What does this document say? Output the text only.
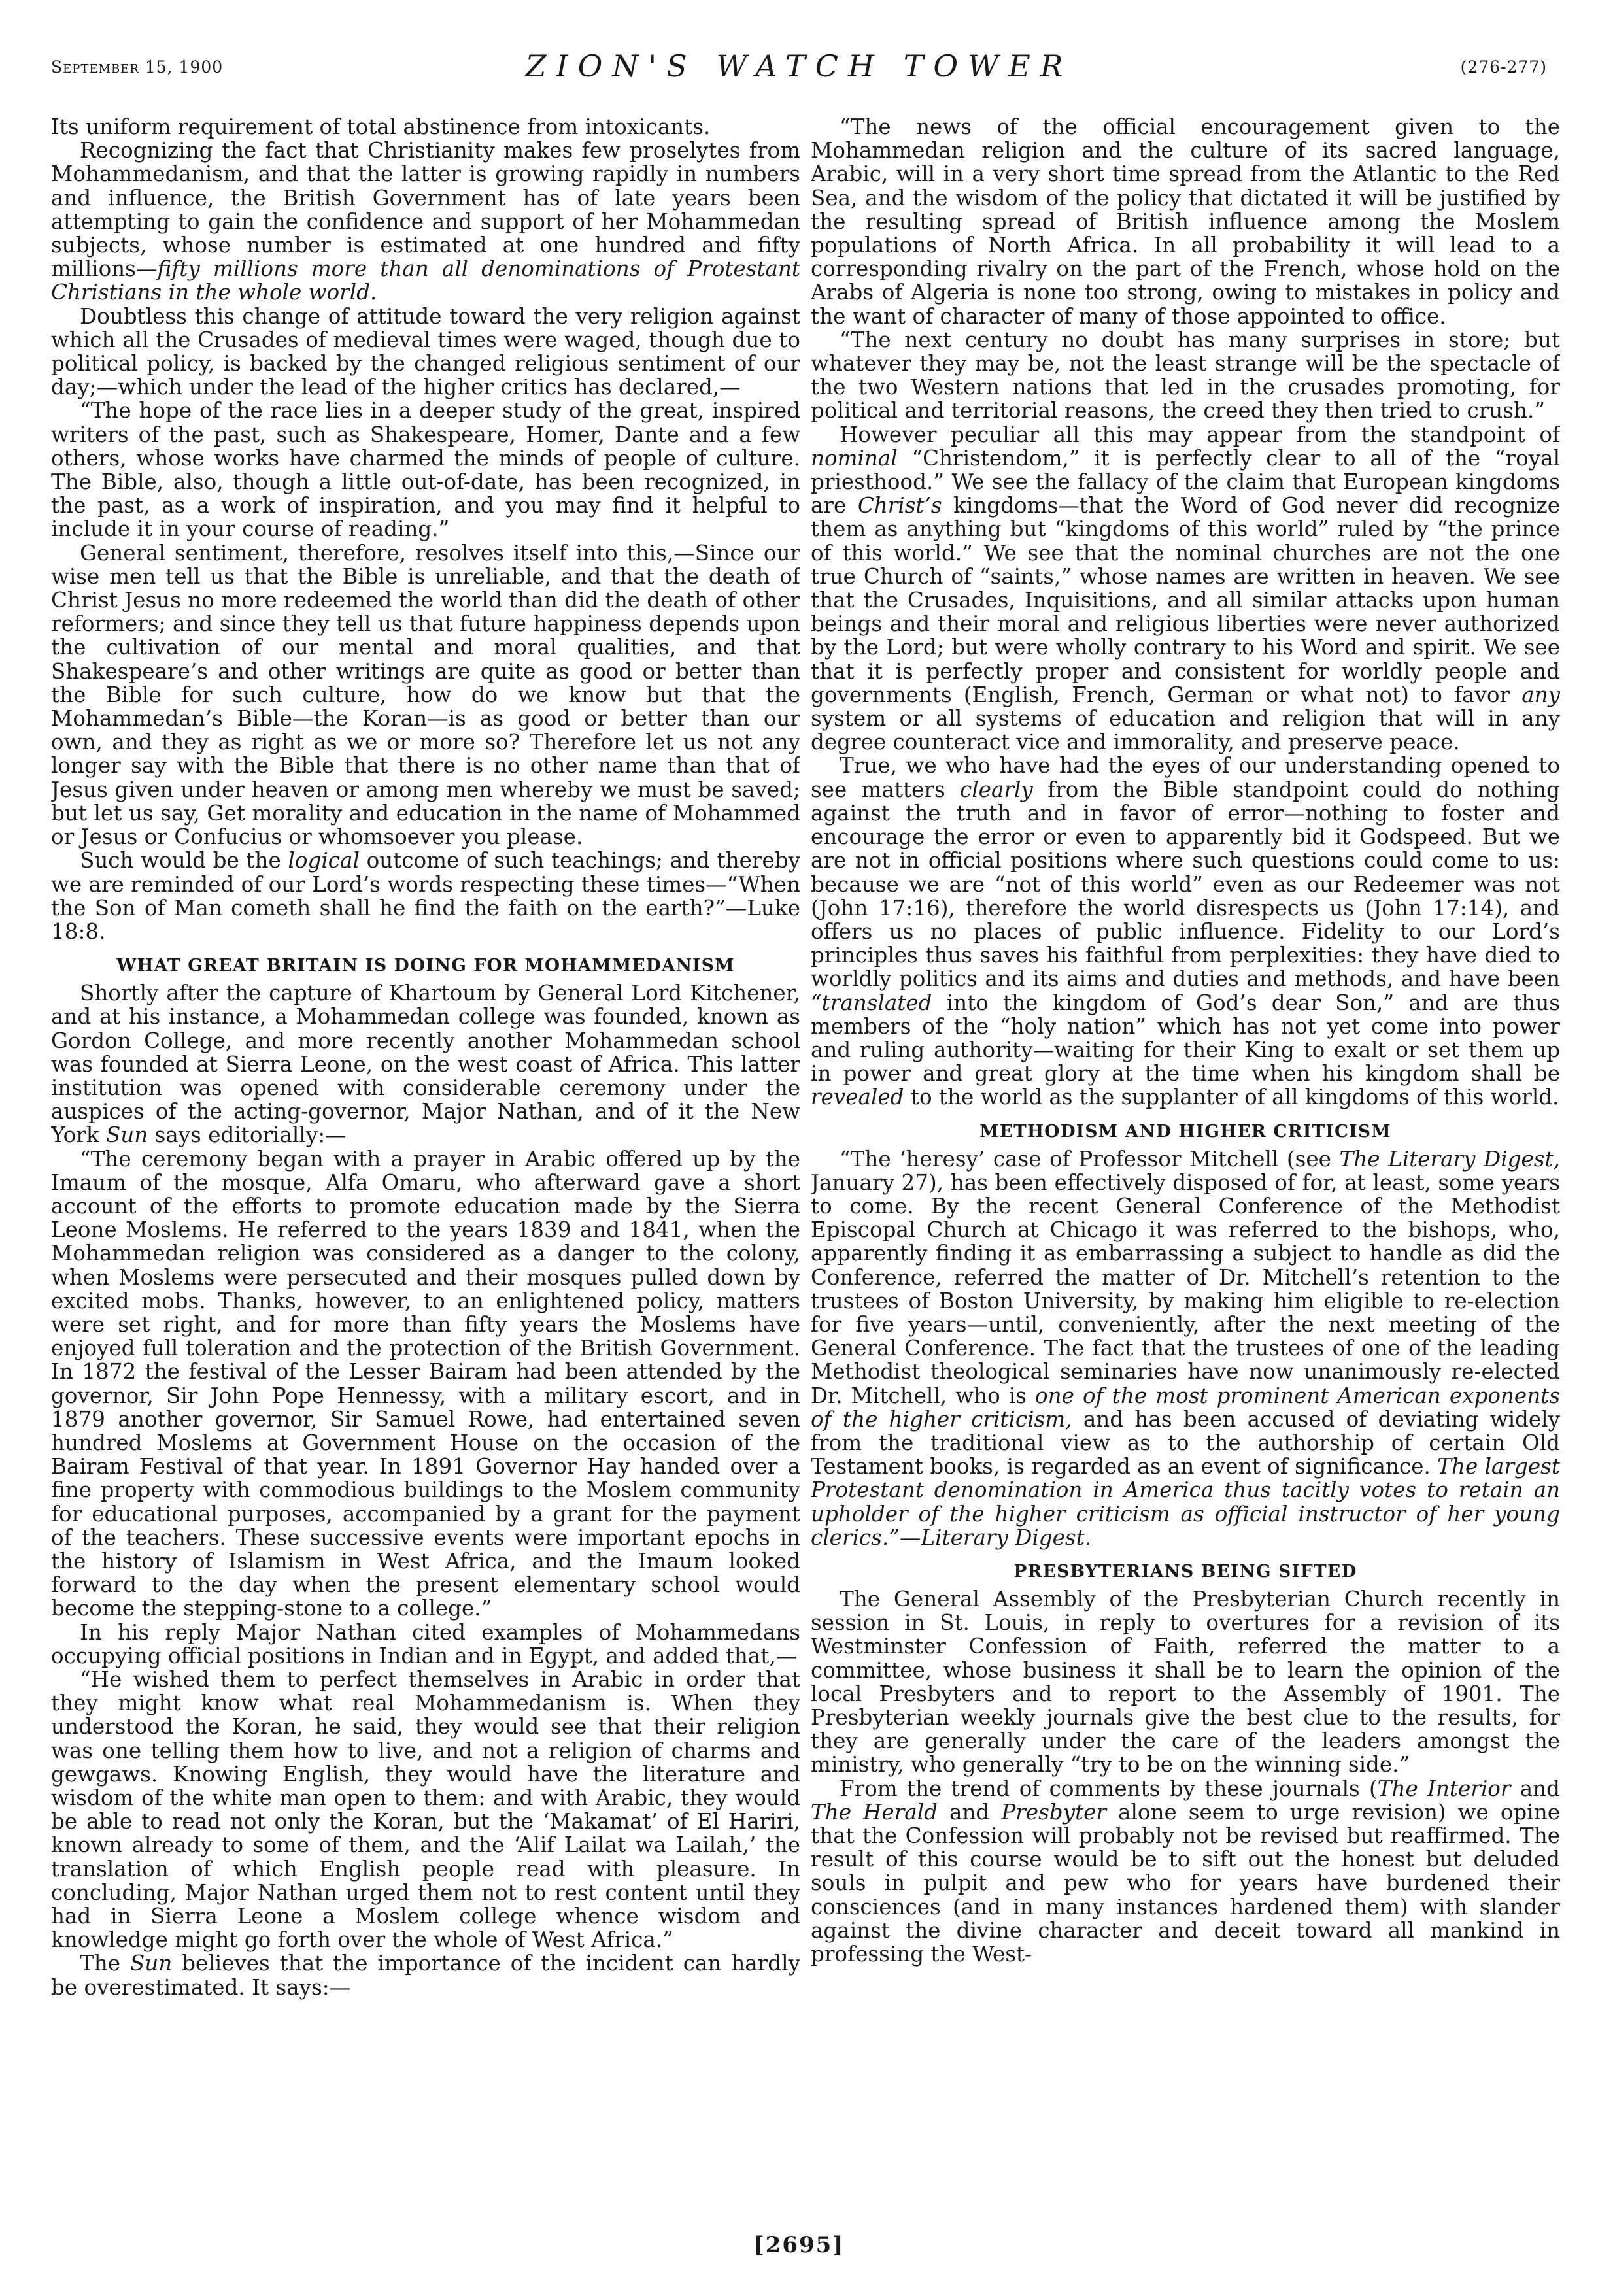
September 15, 1900	ZION'S WATCH TOWER	(276-277)

Its uniform requirement of total abstinence from intoxicants.

Recognizing the fact that Christianity makes few proselytes from Mohammedanism, and that the latter is growing rapidly in numbers and influence, the British Government has of late years been attempting to gain the confidence and support of her Mohammedan subjects, whose number is estimated at one hundred and fifty millions—fifty millions more than all denominations of Protestant Christians in the whole world.

Doubtless this change of attitude toward the very religion against which all the Crusades of medieval times were waged, though due to political policy, is backed by the changed religious sentiment of our day;—which under the lead of the higher critics has declared,—

“The hope of the race lies in a deeper study of the great, inspired writers of the past, such as Shakespeare, Homer, Dante and a few others, whose works have charmed the minds of people of culture. The Bible, also, though a little out-of-date, has been recognized, in the past, as a work of inspiration, and you may find it helpful to include it in your course of reading.”

General sentiment, therefore, resolves itself into this,—Since our wise men tell us that the Bible is unreliable, and that the death of Christ Jesus no more redeemed the world than did the death of other reformers; and since they tell us that future happiness depends upon the cultivation of our mental and moral qualities, and that Shakespeare’s and other writings are quite as good or better than the Bible for such culture, how do we know but that the Mohammedan’s Bible—the Koran—is as good or better than our own, and they as right as we or more so? Therefore let us not any longer say with the Bible that there is no other name than that of Jesus given under heaven or among men whereby we must be saved; but let us say, Get morality and education in the name of Mohammed or Jesus or Confucius or whomsoever you please.

Such would be the logical outcome of such teachings; and thereby we are reminded of our Lord’s words respecting these times—“When the Son of Man cometh shall he find the faith on the earth?”—Luke 18:8.

WHAT GREAT BRITAIN IS DOING FOR MOHAMMEDANISM

Shortly after the capture of Khartoum by General Lord Kitchener, and at his instance, a Mohammedan college was founded, known as Gordon College, and more recently another Mohammedan school was founded at Sierra Leone, on the west coast of Africa. This latter institution was opened with considerable ceremony under the auspices of the acting-governor, Major Nathan, and of it the New York Sun says editorially:—

“The ceremony began with a prayer in Arabic offered up by the Imaum of the mosque, Alfa Omaru, who afterward gave a short account of the efforts to promote education made by the Sierra Leone Moslems. He referred to the years 1839 and 1841, when the Mohammedan religion was considered as a danger to the colony, when Moslems were persecuted and their mosques pulled down by excited mobs. Thanks, however, to an enlightened policy, matters were set right, and for more than fifty years the Moslems have enjoyed full toleration and the protection of the British Government. In 1872 the festival of the Lesser Bairam had been attended by the governor, Sir John Pope Hennessy, with a military escort, and in 1879 another governor, Sir Samuel Rowe, had entertained seven hundred Moslems at Government House on the occasion of the Bairam Festival of that year. In 1891 Governor Hay handed over a fine property with commodious buildings to the Moslem community for educational purposes, accompanied by a grant for the payment of the teachers. These successive events were important epochs in the history of Islamism in West Africa, and the Imaum looked forward to the day when the present elementary school would become the stepping-stone to a college.”

In his reply Major Nathan cited examples of Mohammedans occupying official positions in Indian and in Egypt, and added that,—

“He wished them to perfect themselves in Arabic in order that they might know what real Mohammedanism is. When they understood the Koran, he said, they would see that their religion was one telling them how to live, and not a religion of charms and gewgaws. Knowing English, they would have the literature and wisdom of the white man open to them: and with Arabic, they would be able to read not only the Koran, but the ‘Makamat’ of El Hariri, known already to some of them, and the ‘Alif Lailat wa Lailah,’ the translation of which English people read with pleasure. In concluding, Major Nathan urged them not to rest content until they had in Sierra Leone a Moslem college whence wisdom and knowledge might go forth over the whole of West Africa.”

The Sun believes that the importance of the incident can hardly be overestimated. It says:—

“The news of the official encouragement given to the Mohammedan religion and the culture of its sacred language, Arabic, will in a very short time spread from the Atlantic to the Red Sea, and the wisdom of the policy that dictated it will be justified by the resulting spread of British influence among the Moslem populations of North Africa. In all probability it will lead to a corresponding rivalry on the part of the French, whose hold on the Arabs of Algeria is none too strong, owing to mistakes in policy and the want of character of many of those appointed to office.

“The next century no doubt has many surprises in store; but whatever they may be, not the least strange will be the spectacle of the two Western nations that led in the crusades promoting, for political and territorial reasons, the creed they then tried to crush.”

However peculiar all this may appear from the standpoint of nominal “Christendom,” it is perfectly clear to all of the “royal priesthood.” We see the fallacy of the claim that European kingdoms are Christ’s kingdoms—that the Word of God never did recognize them as anything but “kingdoms of this world” ruled by “the prince of this world.” We see that the nominal churches are not the one true Church of “saints,” whose names are written in heaven. We see that the Crusades, Inquisitions, and all similar attacks upon human beings and their moral and religious liberties were never authorized by the Lord; but were wholly contrary to his Word and spirit. We see that it is perfectly proper and consistent for worldly people and governments (English, French, German or what not) to favor any system or all systems of education and religion that will in any degree counteract vice and immorality, and preserve peace.

True, we who have had the eyes of our understanding opened to see matters clearly from the Bible standpoint could do nothing against the truth and in favor of error—nothing to foster and encourage the error or even to apparently bid it Godspeed. But we are not in official positions where such questions could come to us: because we are “not of this world” even as our Redeemer was not (John 17:16), therefore the world disrespects us (John 17:14), and offers us no places of public influence. Fidelity to our Lord’s principles thus saves his faithful from perplexities: they have died to worldly politics and its aims and duties and methods, and have been “translated into the kingdom of God’s dear Son,” and are thus members of the “holy nation” which has not yet come into power and ruling authority—waiting for their King to exalt or set them up in power and great glory at the time when his kingdom shall be revealed to the world as the supplanter of all kingdoms of this world.

METHODISM AND HIGHER CRITICISM

“The ‘heresy’ case of Professor Mitchell (see The Literary Digest, January 27), has been effectively disposed of for, at least, some years to come. By the recent General Conference of the Methodist Episcopal Church at Chicago it was referred to the bishops, who, apparently finding it as embarrassing a subject to handle as did the Conference, referred the matter of Dr. Mitchell’s retention to the trustees of Boston University, by making him eligible to re-election for five years—until, conveniently, after the next meeting of the General Conference. The fact that the trustees of one of the leading Methodist theological seminaries have now unanimously re-elected Dr. Mitchell, who is one of the most prominent American exponents of the higher criticism, and has been accused of deviating widely from the traditional view as to the authorship of certain Old Testament books, is regarded as an event of significance. The largest Protestant denomination in America thus tacitly votes to retain an upholder of the higher criticism as official instructor of her young clerics.”—Literary Digest.

PRESBYTERIANS BEING SIFTED

The General Assembly of the Presbyterian Church recently in session in St. Louis, in reply to overtures for a revision of its Westminster Confession of Faith, referred the matter to a committee, whose business it shall be to learn the opinion of the local Presbyters and to report to the Assembly of 1901. The Presbyterian weekly journals give the best clue to the results, for they are generally under the care of the leaders amongst the ministry, who generally “try to be on the winning side.”

From the trend of comments by these journals (The Interior and The Herald and Presbyter alone seem to urge revision) we opine that the Confession will probably not be revised but reaffirmed. The result of this course would be to sift out the honest but deluded souls in pulpit and pew who for years have burdened their consciences (and in many instances hardened them) with slander against the divine character and deceit toward all mankind in professing the West-

[2695]
